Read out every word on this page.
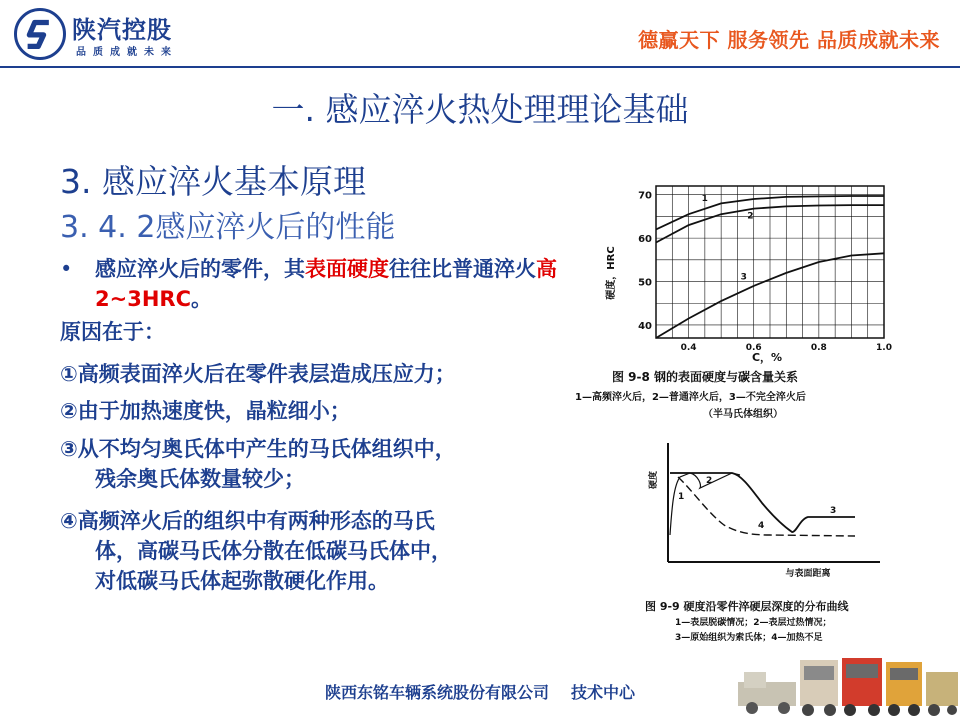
陕汽控股
品质成就未来
德赢天下 服务领先 品质成就未来
一. 感应淬火热处理理论基础
3. 感应淬火基本原理
3. 4. 2感应淬火后的性能
•	感应淬火后的零件，其表面硬度往往比普通淬火高2~3HRC。
原因在于：
①高频表面淬火后在零件表层造成压应力；
②由于加热速度快，晶粒细小；
③从不均匀奥氏体中产生的马氏体组织中，
残余奥氏体数量较少；
④高频淬火后的组织中有两种形态的马氏
体，高碳马氏体分散在低碳马氏体中，
对低碳马氏体起弥散硬化作用。
1
2
3
70
60
50
40
0.4	0.6	0.8	1.0
硬度，HRC
C，%
图 9-8 钢的表面硬度与碳含量关系
1—高频淬火后，2—普通淬火后，3—不完全淬火后
（半马氏体组织）
硬度
1
2
3
4
与表面距离
图 9-9 硬度沿零件淬硬层深度的分布曲线
1—表层脱碳情况；2—表层过热情况；
3—原始组织为索氏体；4—加热不足
陕西东铭车辆系统股份有限公司 技术中心
